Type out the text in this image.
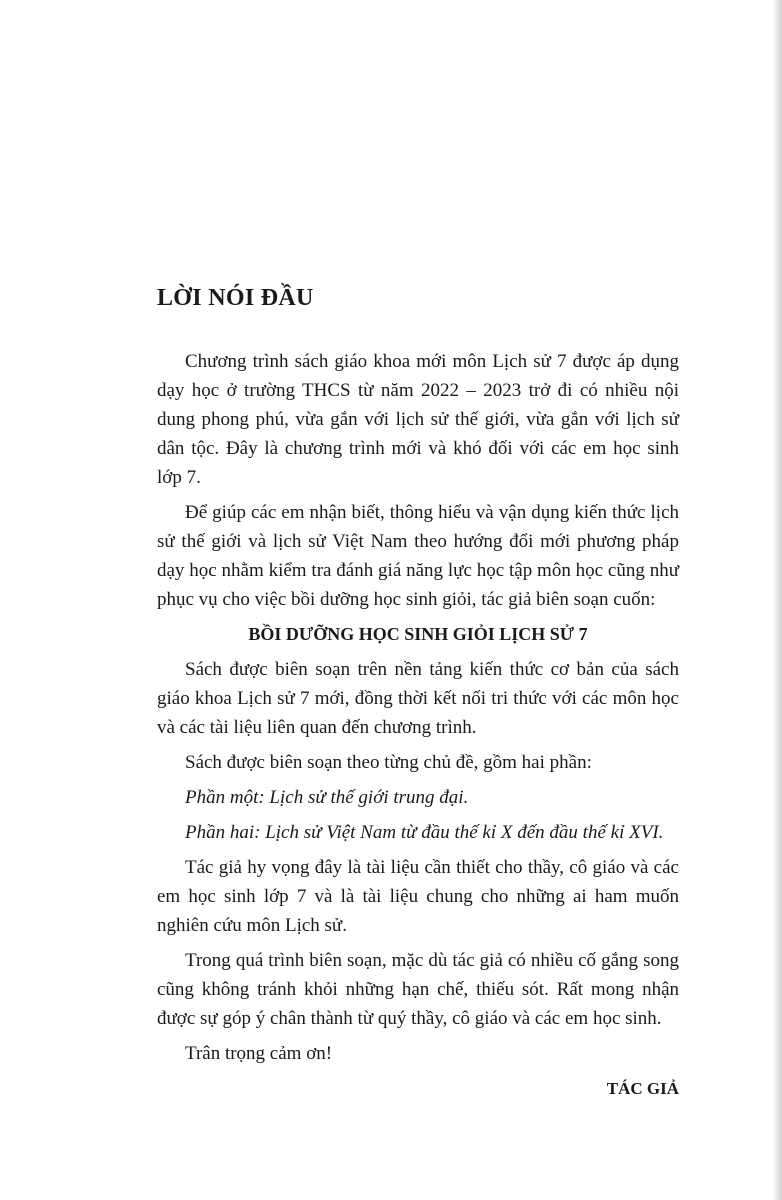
LỜI NÓI ĐẦU

Chương trình sách giáo khoa mới môn Lịch sử 7 được áp dụng dạy học ở trường THCS từ năm 2022 – 2023 trở đi có nhiều nội dung phong phú, vừa gắn với lịch sử thế giới, vừa gắn với lịch sử dân tộc. Đây là chương trình mới và khó đối với các em học sinh lớp 7.

Để giúp các em nhận biết, thông hiểu và vận dụng kiến thức lịch sử thế giới và lịch sử Việt Nam theo hướng đổi mới phương pháp dạy học nhằm kiểm tra đánh giá năng lực học tập môn học cũng như phục vụ cho việc bồi dưỡng học sinh giỏi, tác giả biên soạn cuốn:

BỒI DƯỠNG HỌC SINH GIỎI LỊCH SỬ 7

Sách được biên soạn trên nền tảng kiến thức cơ bản của sách giáo khoa Lịch sử 7 mới, đồng thời kết nối tri thức với các môn học và các tài liệu liên quan đến chương trình.

Sách được biên soạn theo từng chủ đề, gồm hai phần:

Phần một: Lịch sử thế giới trung đại.

Phần hai: Lịch sử Việt Nam từ đầu thế kỉ X đến đầu thế kỉ XVI.

Tác giả hy vọng đây là tài liệu cần thiết cho thầy, cô giáo và các em học sinh lớp 7 và là tài liệu chung cho những ai ham muốn nghiên cứu môn Lịch sử.

Trong quá trình biên soạn, mặc dù tác giả có nhiều cố gắng song cũng không tránh khỏi những hạn chế, thiếu sót. Rất mong nhận được sự góp ý chân thành từ quý thầy, cô giáo và các em học sinh.

Trân trọng cảm ơn!

TÁC GIẢ
